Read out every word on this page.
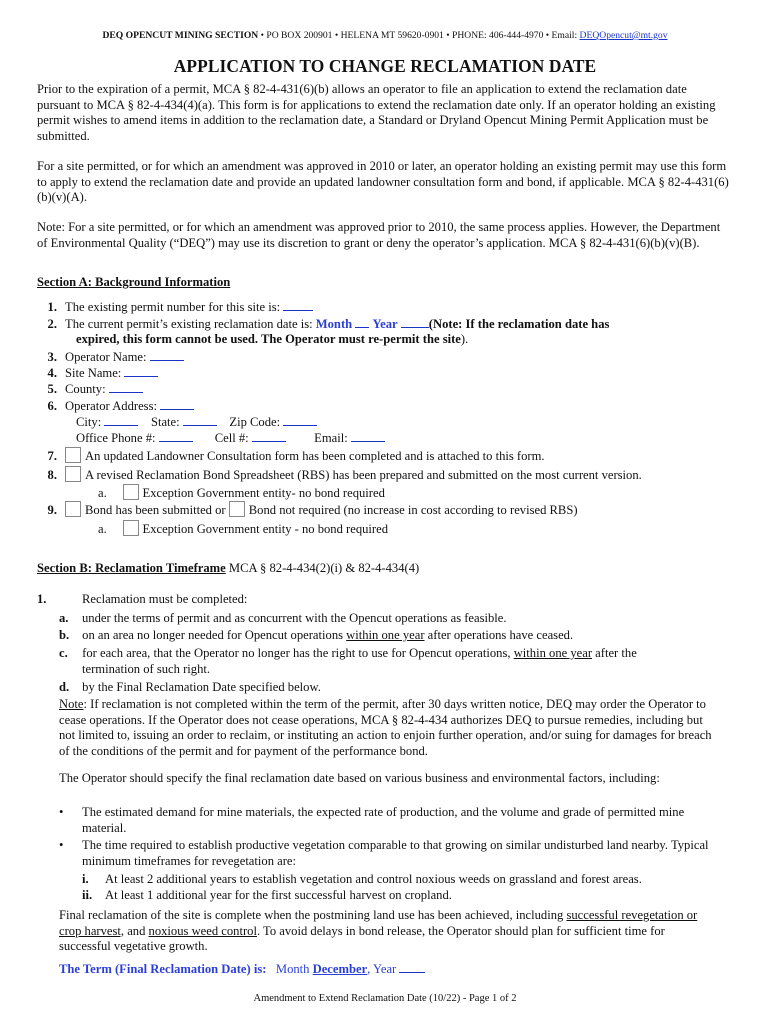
DEQ OPENCUT MINING SECTION • PO BOX 200901 • HELENA MT 59620-0901 • PHONE: 406-444-4970 • Email: DEQOpencut@mt.gov
APPLICATION TO CHANGE RECLAMATION DATE
Prior to the expiration of a permit, MCA § 82-4-431(6)(b) allows an operator to file an application to extend the reclamation date pursuant to MCA § 82-4-434(4)(a). This form is for applications to extend the reclamation date only. If an operator holding an existing permit wishes to amend items in addition to the reclamation date, a Standard or Dryland Opencut Mining Permit Application must be submitted.
For a site permitted, or for which an amendment was approved in 2010 or later, an operator holding an existing permit may use this form to apply to extend the reclamation date and provide an updated landowner consultation form and bond, if applicable. MCA § 82-4-431(6)(b)(v)(A).
Note: For a site permitted, or for which an amendment was approved prior to 2010, the same process applies. However, the Department of Environmental Quality (“DEQ”) may use its discretion to grant or deny the operator’s application. MCA § 82-4-431(6)(b)(v)(B).
Section A: Background Information
1. The existing permit number for this site is:
2. The current permit’s existing reclamation date is: Month Year (Note: If the reclamation date has
expired, this form cannot be used. The Operator must re-permit the site).
3. Operator Name:
4. Site Name:
5. County:
6. Operator Address:
City:	State:	Zip Code:
Office Phone #:	Cell #:	Email:
7. An updated Landowner Consultation form has been completed and is attached to this form.
8. A revised Reclamation Bond Spreadsheet (RBS) has been prepared and submitted on the most current version.
a.	Exception Government entity- no bond required
9. Bond has been submitted or Bond not required (no increase in cost according to revised RBS)
a.	Exception Government entity - no bond required
Section B: Reclamation Timeframe MCA § 82-4-434(2)(i) & 82-4-434(4)
1.	Reclamation must be completed:
a. under the terms of permit and as concurrent with the Opencut operations as feasible.
b. on an area no longer needed for Opencut operations within one year after operations have ceased.
c. for each area, that the Operator no longer has the right to use for Opencut operations, within one year after the
termination of such right.
d. by the Final Reclamation Date specified below.
Note: If reclamation is not completed within the term of the permit, after 30 days written notice, DEQ may order the Operator to cease operations. If the Operator does not cease operations, MCA § 82-4-434 authorizes DEQ to pursue remedies, including but not limited to, issuing an order to reclaim, or instituting an action to enjoin further operation, and/or suing for damages for breach of the conditions of the permit and for payment of the performance bond.
The Operator should specify the final reclamation date based on various business and environmental factors, including:
•	The estimated demand for mine materials, the expected rate of production, and the volume and grade of permitted mine material.
•	The time required to establish productive vegetation comparable to that growing on similar undisturbed land nearby. Typical minimum timeframes for revegetation are:
i. At least 2 additional years to establish vegetation and control noxious weeds on grassland and forest areas.
ii. At least 1 additional year for the first successful harvest on cropland.
Final reclamation of the site is complete when the postmining land use has been achieved, including successful revegetation or crop harvest, and noxious weed control. To avoid delays in bond release, the Operator should plan for sufficient time for successful vegetative growth.
The Term (Final Reclamation Date) is: Month December, Year
Amendment to Extend Reclamation Date (10/22) - Page 1 of 2
